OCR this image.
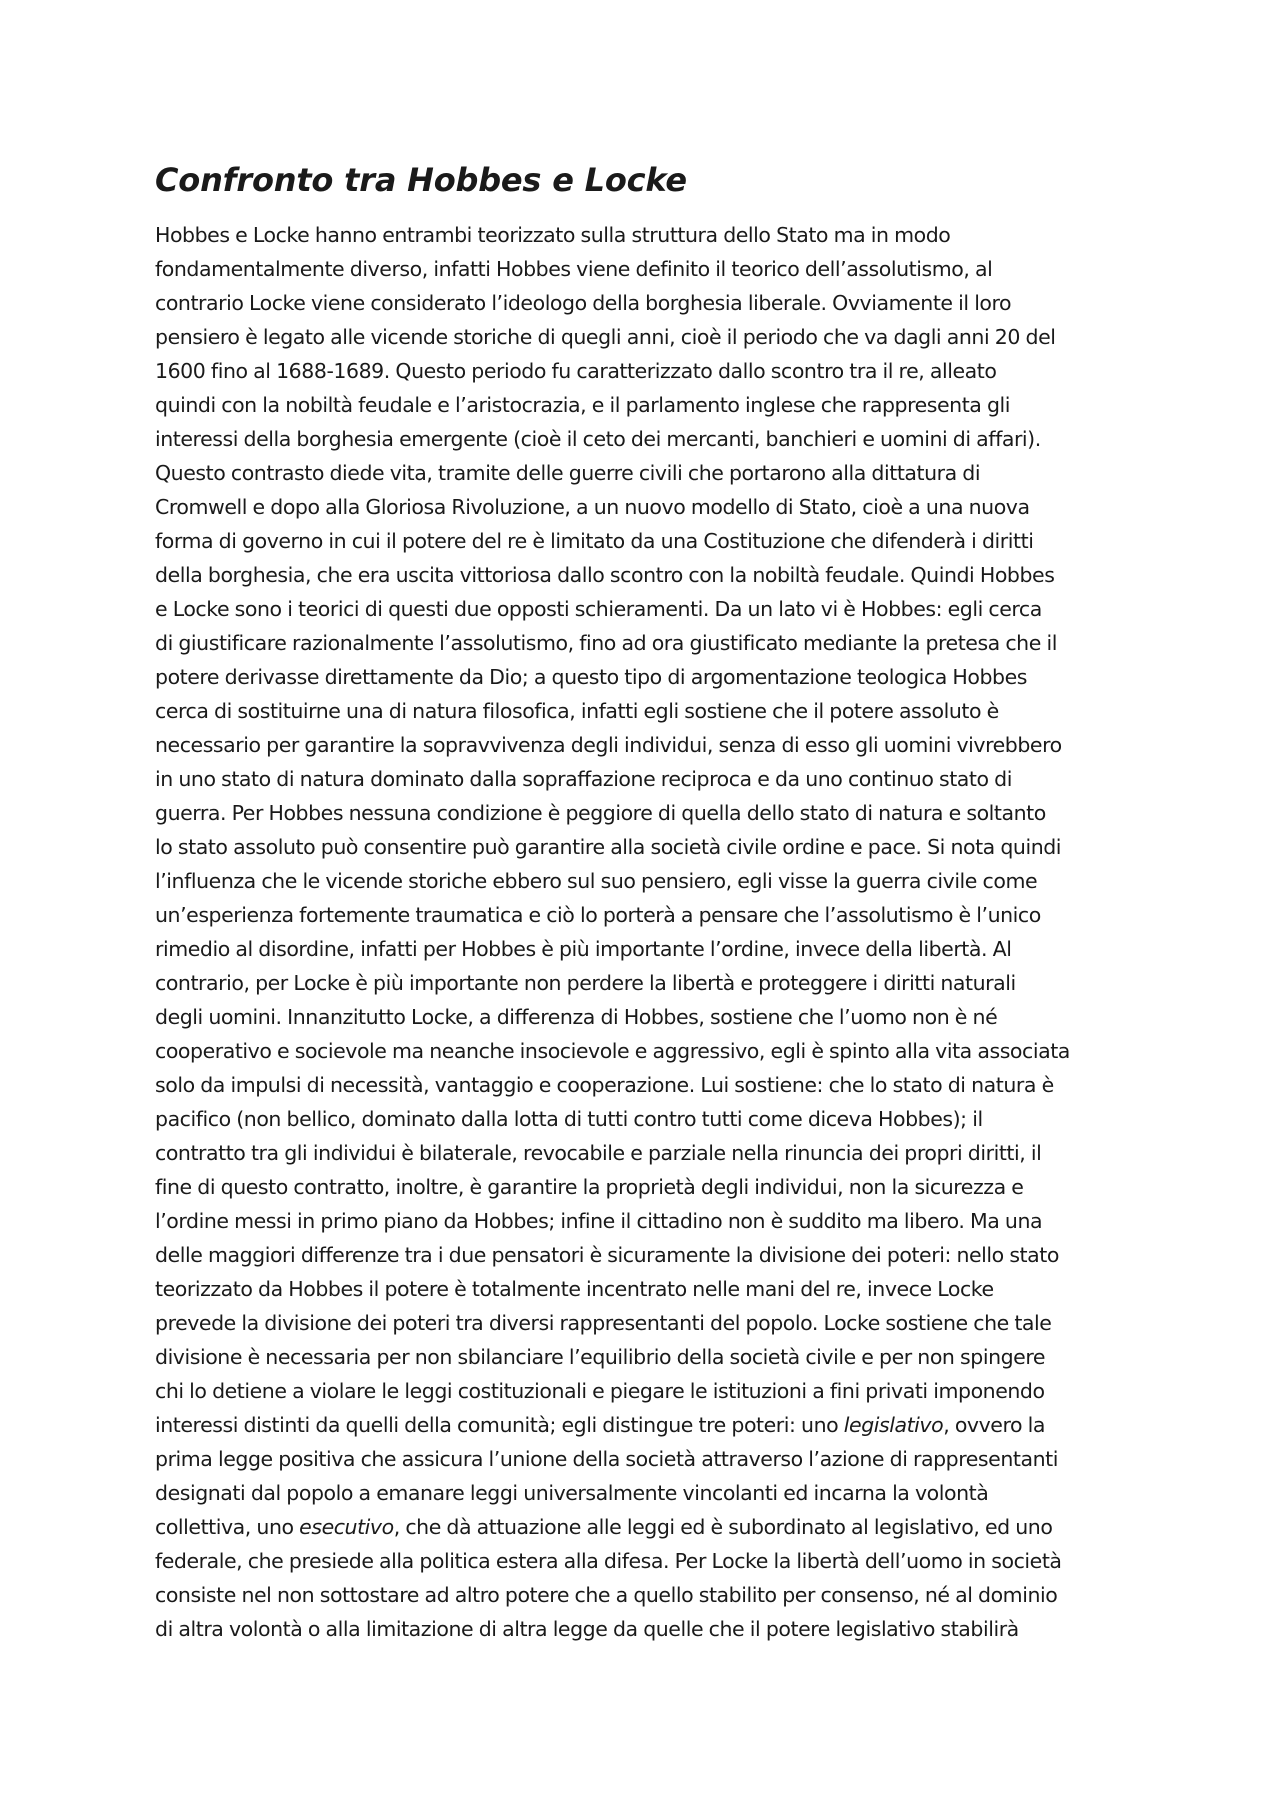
Confronto tra Hobbes e Locke

Hobbes e Locke hanno entrambi teorizzato sulla struttura dello Stato ma in modo
fondamentalmente diverso, infatti Hobbes viene definito il teorico dell’assolutismo, al
contrario Locke viene considerato l’ideologo della borghesia liberale. Ovviamente il loro
pensiero è legato alle vicende storiche di quegli anni, cioè il periodo che va dagli anni 20 del
1600 fino al 1688-1689. Questo periodo fu caratterizzato dallo scontro tra il re, alleato
quindi con la nobiltà feudale e l’aristocrazia, e il parlamento inglese che rappresenta gli
interessi della borghesia emergente (cioè il ceto dei mercanti, banchieri e uomini di affari).
Questo contrasto diede vita, tramite delle guerre civili che portarono alla dittatura di
Cromwell e dopo alla Gloriosa Rivoluzione, a un nuovo modello di Stato, cioè a una nuova
forma di governo in cui il potere del re è limitato da una Costituzione che difenderà i diritti
della borghesia, che era uscita vittoriosa dallo scontro con la nobiltà feudale. Quindi Hobbes
e Locke sono i teorici di questi due opposti schieramenti. Da un lato vi è Hobbes: egli cerca
di giustificare razionalmente l’assolutismo, fino ad ora giustificato mediante la pretesa che il
potere derivasse direttamente da Dio; a questo tipo di argomentazione teologica Hobbes
cerca di sostituirne una di natura filosofica, infatti egli sostiene che il potere assoluto è
necessario per garantire la sopravvivenza degli individui, senza di esso gli uomini vivrebbero
in uno stato di natura dominato dalla sopraffazione reciproca e da uno continuo stato di
guerra. Per Hobbes nessuna condizione è peggiore di quella dello stato di natura e soltanto
lo stato assoluto può consentire può garantire alla società civile ordine e pace. Si nota quindi
l’influenza che le vicende storiche ebbero sul suo pensiero, egli visse la guerra civile come
un’esperienza fortemente traumatica e ciò lo porterà a pensare che l’assolutismo è l’unico
rimedio al disordine, infatti per Hobbes è più importante l’ordine, invece della libertà. Al
contrario, per Locke è più importante non perdere la libertà e proteggere i diritti naturali
degli uomini. Innanzitutto Locke, a differenza di Hobbes, sostiene che l’uomo non è né
cooperativo e socievole ma neanche insocievole e aggressivo, egli è spinto alla vita associata
solo da impulsi di necessità, vantaggio e cooperazione. Lui sostiene: che lo stato di natura è
pacifico (non bellico, dominato dalla lotta di tutti contro tutti come diceva Hobbes); il
contratto tra gli individui è bilaterale, revocabile e parziale nella rinuncia dei propri diritti, il
fine di questo contratto, inoltre, è garantire la proprietà degli individui, non la sicurezza e
l’ordine messi in primo piano da Hobbes; infine il cittadino non è suddito ma libero. Ma una
delle maggiori differenze tra i due pensatori è sicuramente la divisione dei poteri: nello stato
teorizzato da Hobbes il potere è totalmente incentrato nelle mani del re, invece Locke
prevede la divisione dei poteri tra diversi rappresentanti del popolo. Locke sostiene che tale
divisione è necessaria per non sbilanciare l’equilibrio della società civile e per non spingere
chi lo detiene a violare le leggi costituzionali e piegare le istituzioni a fini privati imponendo
interessi distinti da quelli della comunità; egli distingue tre poteri: uno legislativo, ovvero la
prima legge positiva che assicura l’unione della società attraverso l’azione di rappresentanti
designati dal popolo a emanare leggi universalmente vincolanti ed incarna la volontà
collettiva, uno esecutivo, che dà attuazione alle leggi ed è subordinato al legislativo, ed uno
federale, che presiede alla politica estera alla difesa. Per Locke la libertà dell’uomo in società
consiste nel non sottostare ad altro potere che a quello stabilito per consenso, né al dominio
di altra volontà o alla limitazione di altra legge da quelle che il potere legislativo stabilirà
